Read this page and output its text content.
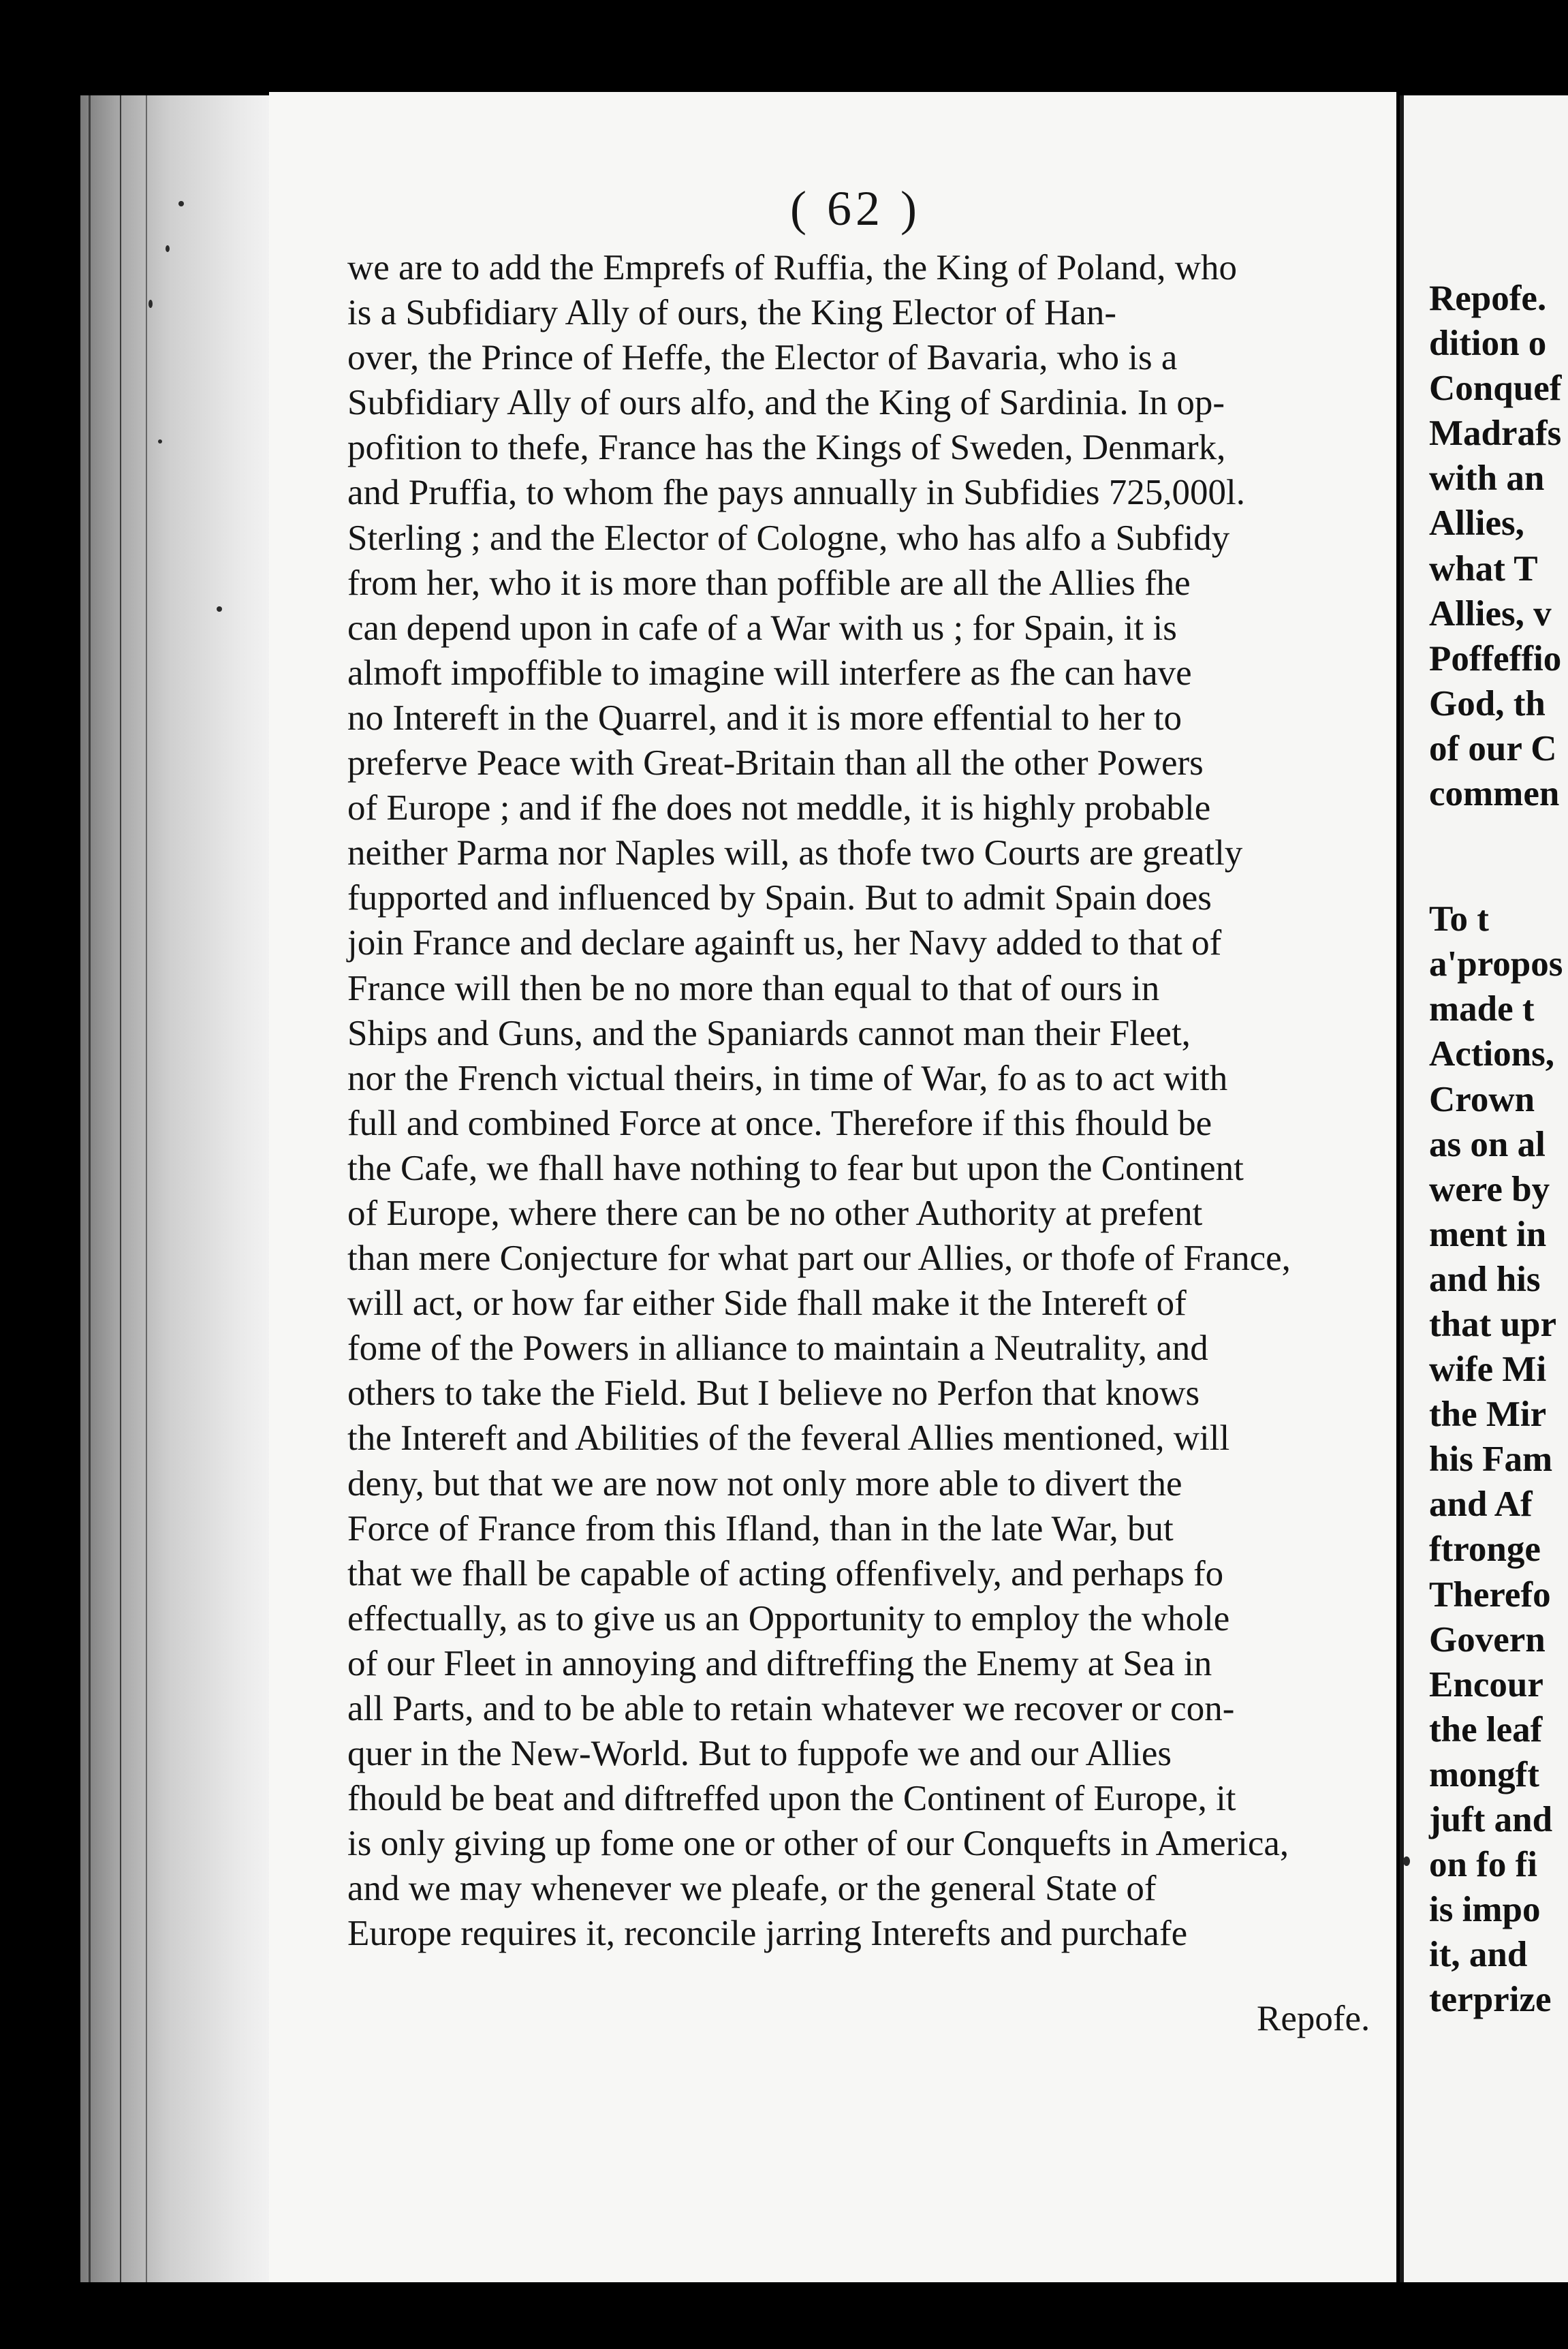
( 62 )
we are to add the Emprefs of Ruffia, the King of Poland, who
is a Subfidiary Ally of ours, the King Elector of Han-
over, the Prince of Heffe, the Elector of Bavaria, who is a
Subfidiary Ally of ours alfo, and the King of Sardinia. In op-
pofition to thefe, France has the Kings of Sweden, Denmark,
and Pruffia, to whom fhe pays annually in Subfidies 725,000l.
Sterling ; and the Elector of Cologne, who has alfo a Subfidy
from her, who it is more than poffible are all the Allies fhe
can depend upon in cafe of a War with us ; for Spain, it is
almoft impoffible to imagine will interfere as fhe can have
no Intereft in the Quarrel, and it is more effential to her to
preferve Peace with Great-Britain than all the other Powers
of Europe ; and if fhe does not meddle, it is highly probable
neither Parma nor Naples will, as thofe two Courts are greatly
fupported and influenced by Spain. But to admit Spain does
join France and declare againft us, her Navy added to that of
France will then be no more than equal to that of ours in
Ships and Guns, and the Spaniards cannot man their Fleet,
nor the French victual theirs, in time of War, fo as to act with
full and combined Force at once. Therefore if this fhould be
the Cafe, we fhall have nothing to fear but upon the Continent
of Europe, where there can be no other Authority at prefent
than mere Conjecture for what part our Allies, or thofe of France,
will act, or how far either Side fhall make it the Intereft of
fome of the Powers in alliance to maintain a Neutrality, and
others to take the Field. But I believe no Perfon that knows
the Intereft and Abilities of the feveral Allies mentioned, will
deny, but that we are now not only more able to divert the
Force of France from this Ifland, than in the late War, but
that we fhall be capable of acting offenfively, and perhaps fo
effectually, as to give us an Opportunity to employ the whole
of our Fleet in annoying and diftreffing the Enemy at Sea in
all Parts, and to be able to retain whatever we recover or con-
quer in the New-World. But to fuppofe we and our Allies
fhould be beat and diftreffed upon the Continent of Europe, it
is only giving up fome one or other of our Conquefts in America,
and we may whenever we pleafe, or the general State of
Europe requires it, reconcile jarring Interefts and purchafe
Repofe.
Repofe.
dition o
Conquef
Madrafs
with an
Allies,
what T
Allies, v
Poffeffio
God, th
of our C
commen
To t
a'propos
made t
Actions,
Crown
as on al
were by
ment in
and his
that upr
wife Mi
the Mir
his Fam
and Af
ftronge
Therefo
Govern
Encour
the leaf
mongft
juft and
on fo fi
is impo
it, and
terprize
